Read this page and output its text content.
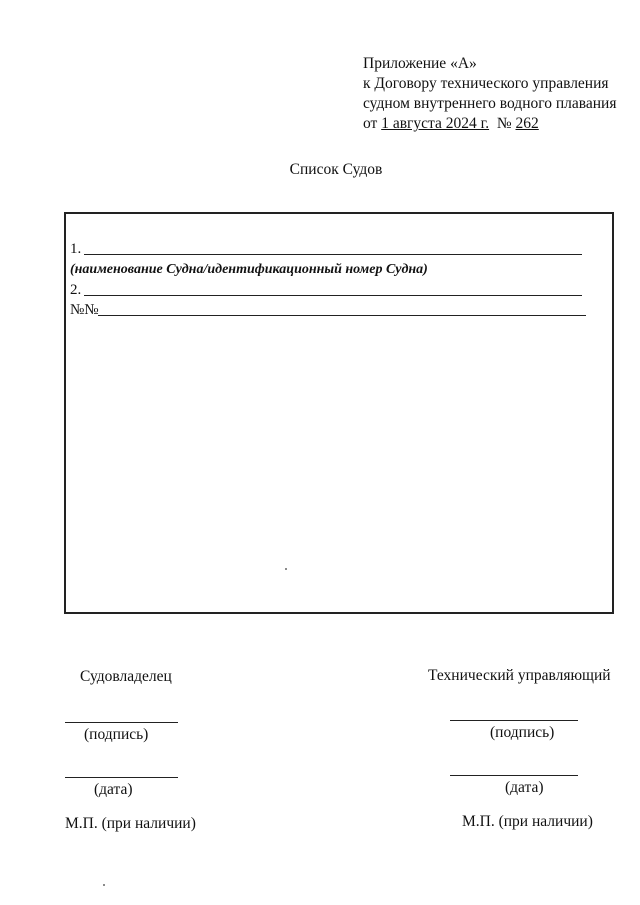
Приложение «А»
к Договору технического управления
судном внутреннего водного плавания
от 1 августа 2024 г. № 262
Список Судов
1.
(наименование Судна/идентификационный номер Судна)
2.
№№
Судовладелец
(подпись)
(дата)
М.П. (при наличии)
Технический управляющий
(подпись)
(дата)
М.П. (при наличии)
